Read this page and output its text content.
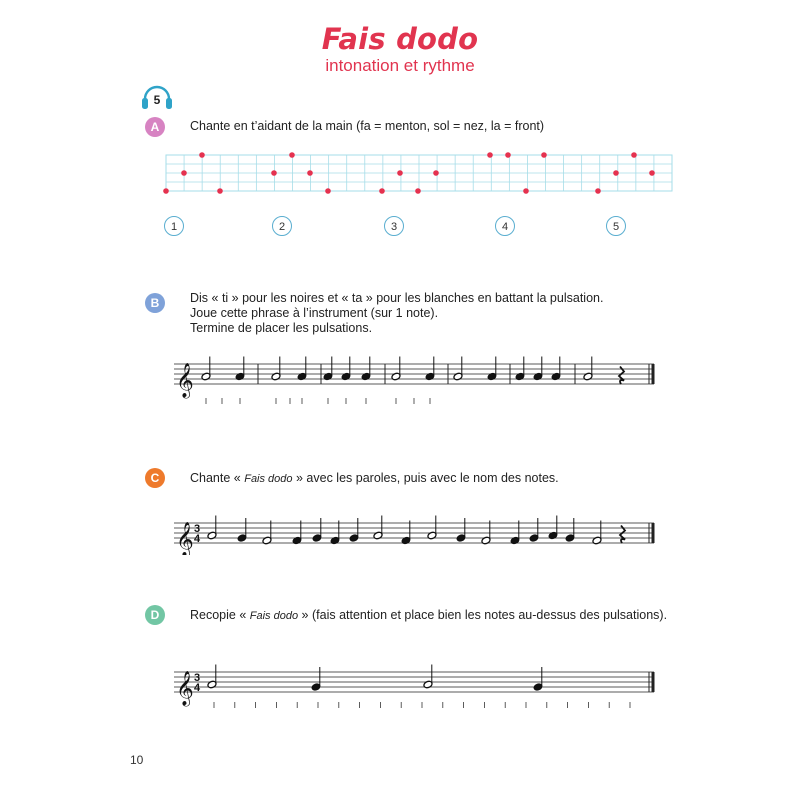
Fais dodo
intonation et rythme
5
A	Chante en t’aidant de la main (fa = menton, sol = nez, la = front)
1	2	3	4	5
B	Dis « ti » pour les noires et « ta » pour les blanches en battant la pulsation.

Joue cette phrase à l’instrument (sur 1 note).

Termine de placer les pulsations.

𝄞
C	Chante « Fais dodo » avec les paroles, puis avec le nom des notes.
𝄞 3
4
D	Recopie « Fais dodo » (fais attention et place bien les notes au-dessus des pulsations).
𝄞 3
4
10
